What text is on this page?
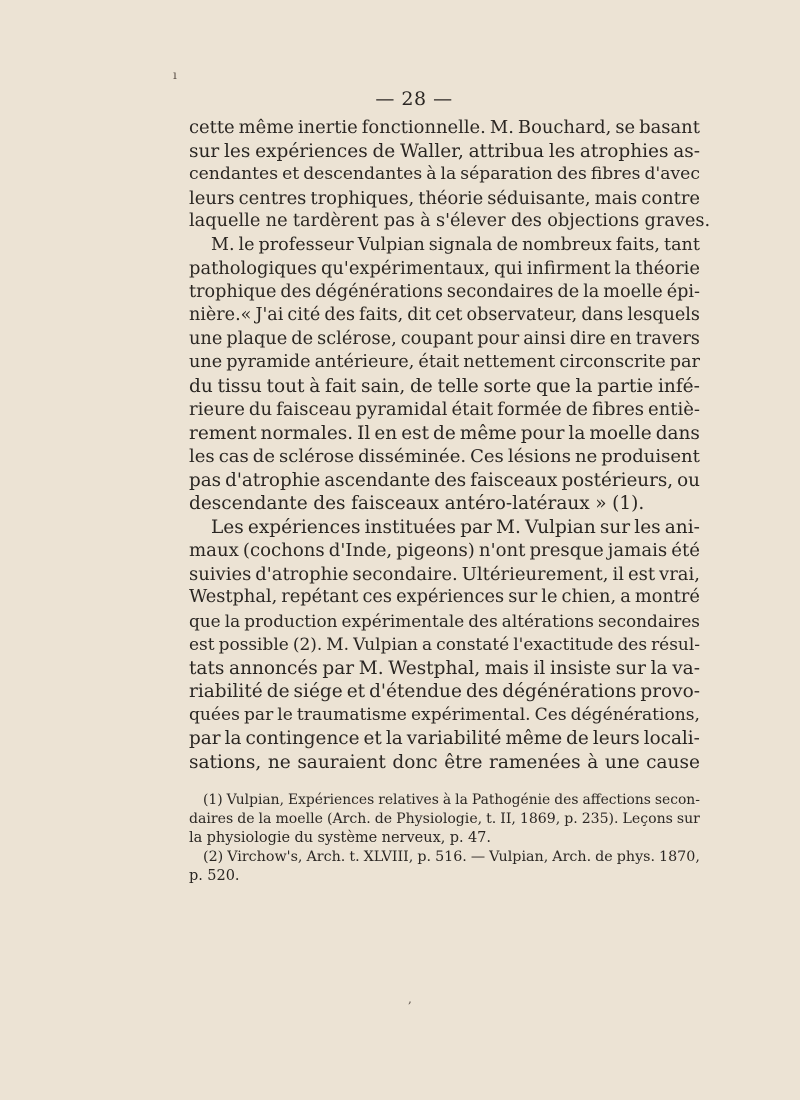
— 28 —
cette même inertie fonctionnelle. M. Bouchard, se basant
sur les expériences de Waller, attribua les atrophies as-
cendantes et descendantes à la séparation des fibres d'avec
leurs centres trophiques, théorie séduisante, mais contre
laquelle ne tardèrent pas à s'élever des objections graves.
M. le professeur Vulpian signala de nombreux faits, tant
pathologiques qu'expérimentaux, qui infirment la théorie
trophique des dégénérations secondaires de la moelle épi-
nière.« J'ai cité des faits, dit cet observateur, dans lesquels
une plaque de sclérose, coupant pour ainsi dire en travers
une pyramide antérieure, était nettement circonscrite par
du tissu tout à fait sain, de telle sorte que la partie infé-
rieure du faisceau pyramidal était formée de fibres entiè-
rement normales. Il en est de même pour la moelle dans
les cas de sclérose disséminée. Ces lésions ne produisent
pas d'atrophie ascendante des faisceaux postérieurs, ou
descendante des faisceaux antéro-latéraux » (1).
Les expériences instituées par M. Vulpian sur les ani-
maux (cochons d'Inde, pigeons) n'ont presque jamais été
suivies d'atrophie secondaire. Ultérieurement, il est vrai,
Westphal, repétant ces expériences sur le chien, a montré
que la production expérimentale des altérations secondaires
est possible (2). M. Vulpian a constaté l'exactitude des résul-
tats annoncés par M. Westphal, mais il insiste sur la va-
riabilité de siége et d'étendue des dégénérations provo-
quées par le traumatisme expérimental. Ces dégénérations,
par la contingence et la variabilité même de leurs locali-
sations, ne sauraient donc être ramenées à une cause
(1) Vulpian, Expériences relatives à la Pathogénie des affections secon-
daires de la moelle (Arch. de Physiologie, t. II, 1869, p. 235). Leçons sur
la physiologie du système nerveux, p. 47.
(2) Virchow's, Arch. t. XLVIII, p. 516. — Vulpian, Arch. de phys. 1870,
p. 520.
ı
,
